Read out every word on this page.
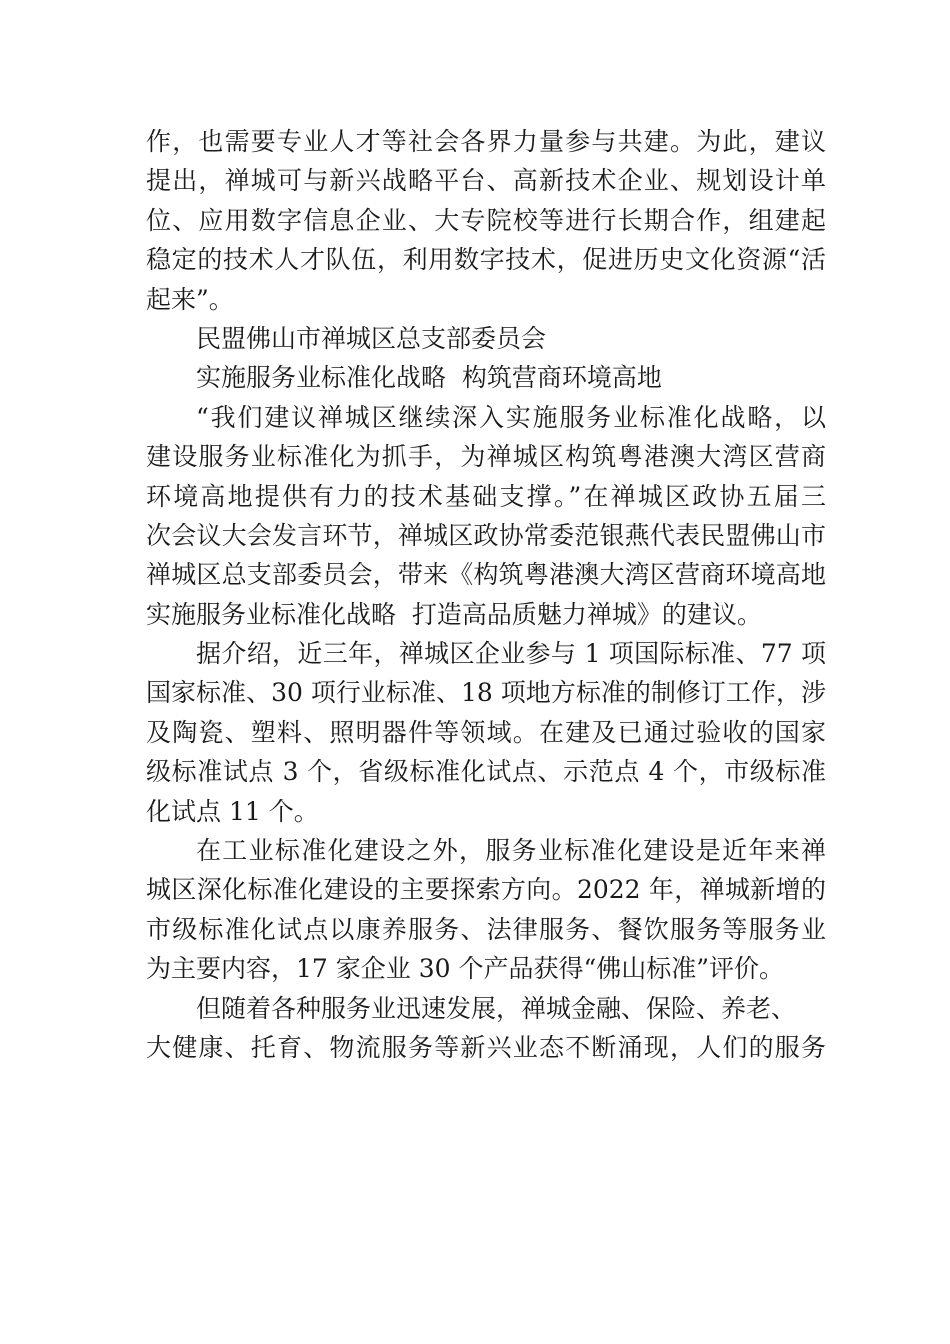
作，也需要专业人才等社会各界力量参与共建。为此，建议
提出，禅城可与新兴战略平台、高新技术企业、规划设计单
位、应用数字信息企业、大专院校等进行长期合作，组建起
稳定的技术人才队伍，利用数字技术，促进历史文化资源“活
起来”。

民盟佛山市禅城区总支部委员会

实施服务业标准化战略  构筑营商环境高地

“我们建议禅城区继续深入实施服务业标准化战略，以
建设服务业标准化为抓手，为禅城区构筑粤港澳大湾区营商
环境高地提供有力的技术基础支撑。”在禅城区政协五届三
次会议大会发言环节，禅城区政协常委范银燕代表民盟佛山市
禅城区总支部委员会，带来《构筑粤港澳大湾区营商环境高地
实施服务业标准化战略  打造高品质魅力禅城》的建议。

据介绍，近三年，禅城区企业参与 1 项国际标准、77 项
国家标准、30 项行业标准、18 项地方标准的制修订工作，涉
及陶瓷、塑料、照明器件等领域。在建及已通过验收的国家
级标准试点 3 个，省级标准化试点、示范点 4 个，市级标准
化试点 11 个。

在工业标准化建设之外，服务业标准化建设是近年来禅
城区深化标准化建设的主要探索方向。2022 年，禅城新增的
市级标准化试点以康养服务、法律服务、餐饮服务等服务业
为主要内容，17 家企业 30 个产品获得“佛山标准”评价。

但随着各种服务业迅速发展，禅城金融、保险、养老、
大健康、托育、物流服务等新兴业态不断涌现，人们的服务
